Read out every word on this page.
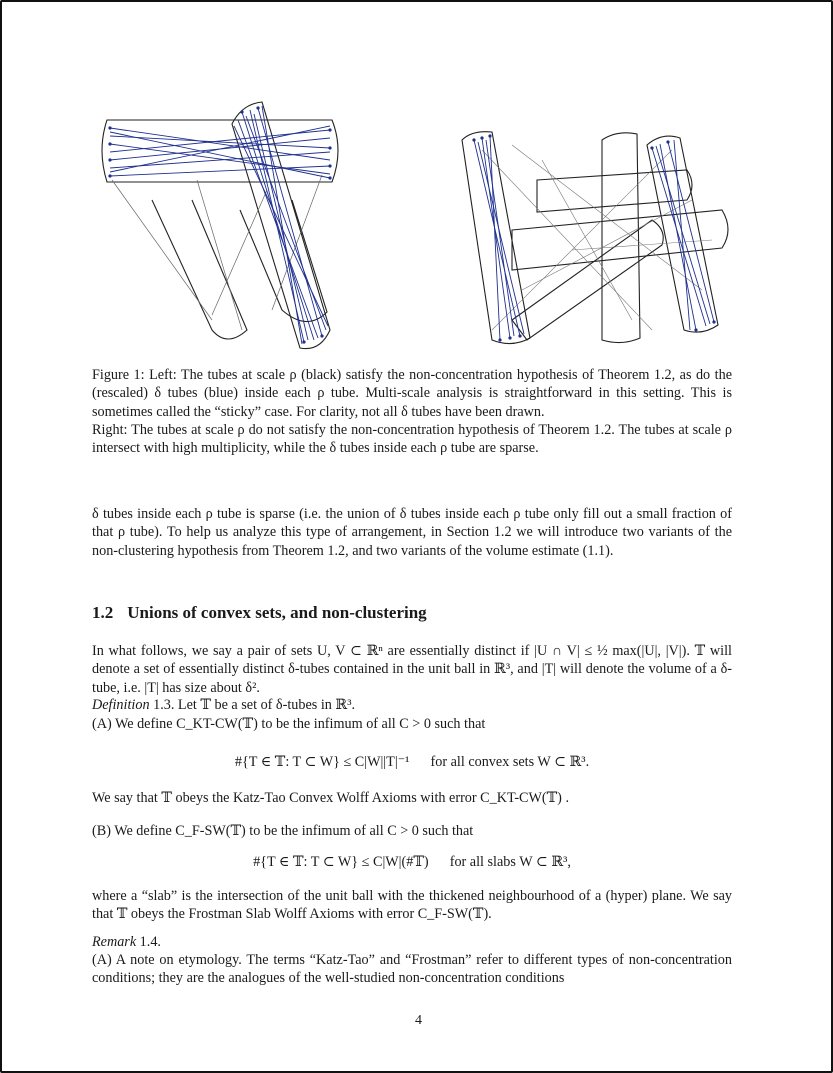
Figure 1: Left: The tubes at scale ρ (black) satisfy the non-concentration hypothesis of Theorem 1.2, as do the (rescaled) δ tubes (blue) inside each ρ tube. Multi-scale analysis is straightforward in this setting. This is sometimes called the “sticky” case. For clarity, not all δ tubes have been drawn.
Right: The tubes at scale ρ do not satisfy the non-concentration hypothesis of Theorem 1.2. The tubes at scale ρ intersect with high multiplicity, while the δ tubes inside each ρ tube are sparse.
δ tubes inside each ρ tube is sparse (i.e. the union of δ tubes inside each ρ tube only fill out a small fraction of that ρ tube). To help us analyze this type of arrangement, in Section 1.2 we will introduce two variants of the non-clustering hypothesis from Theorem 1.2, and two variants of the volume estimate (1.1).
1.2 Unions of convex sets, and non-clustering
In what follows, we say a pair of sets U, V ⊂ ℝⁿ are essentially distinct if |U ∩ V| ≤ ½ max(|U|, |V|). 𝕋 will denote a set of essentially distinct δ-tubes contained in the unit ball in ℝ³, and |T| will denote the volume of a δ-tube, i.e. |T| has size about δ².
Definition 1.3. Let 𝕋 be a set of δ-tubes in ℝ³.
(A) We define C_KT-CW(𝕋) to be the infimum of all C > 0 such that
#{T ∈ 𝕋: T ⊂ W} ≤ C|W||T|⁻¹ for all convex sets W ⊂ ℝ³.
We say that 𝕋 obeys the Katz-Tao Convex Wolff Axioms with error C_KT-CW(𝕋) .
(B) We define C_F-SW(𝕋) to be the infimum of all C > 0 such that
#{T ∈ 𝕋: T ⊂ W} ≤ C|W|(#𝕋) for all slabs W ⊂ ℝ³,
where a “slab” is the intersection of the unit ball with the thickened neighbourhood of a (hyper) plane. We say that 𝕋 obeys the Frostman Slab Wolff Axioms with error C_F-SW(𝕋).
Remark 1.4.
(A) A note on etymology. The terms “Katz-Tao” and “Frostman” refer to different types of non-concentration conditions; they are the analogues of the well-studied non-concentration conditions
4
